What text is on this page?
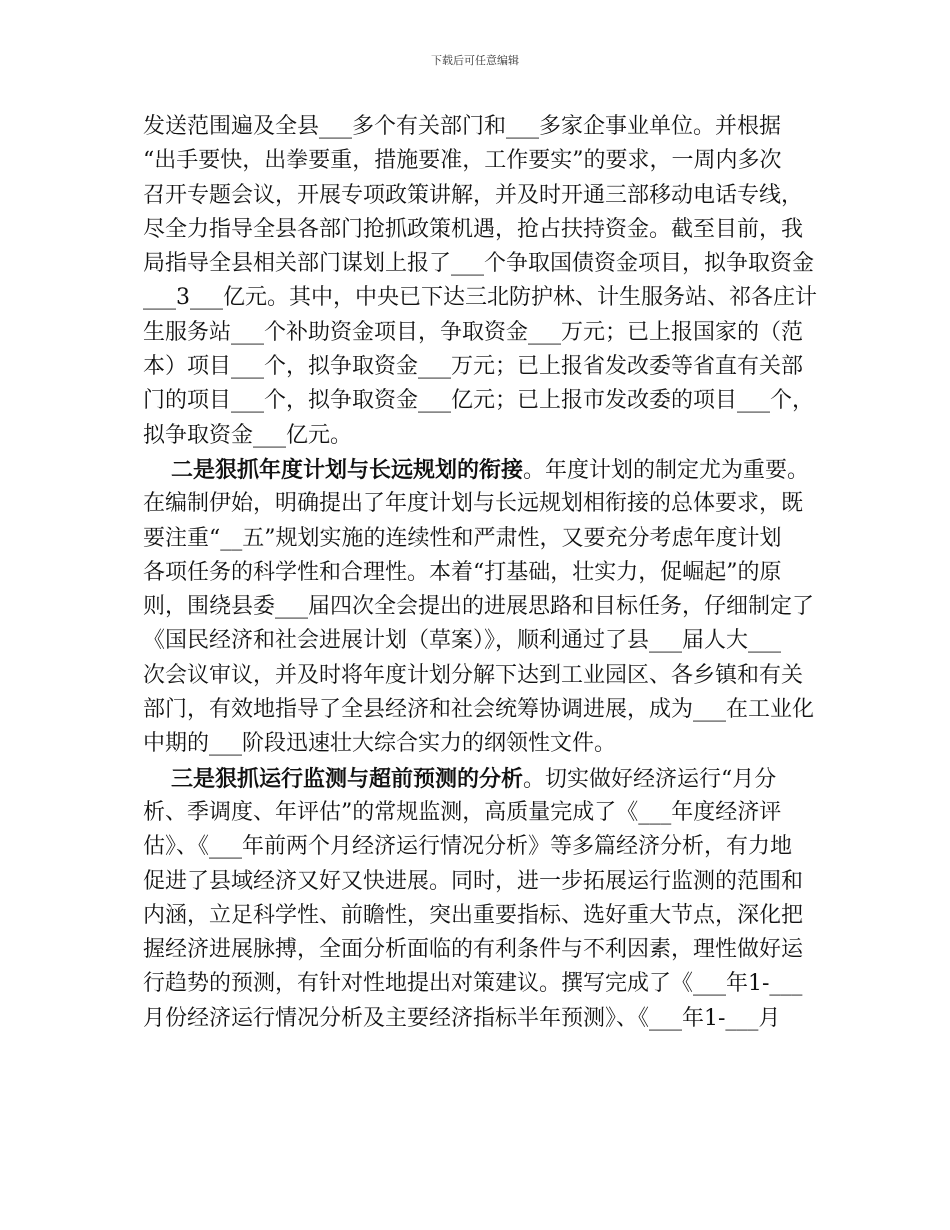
下载后可任意编辑
发送范围遍及全县___多个有关部门和___多家企事业单位。并根据
“出手要快，出拳要重，措施要准，工作要实”的要求，一周内多次
召开专题会议，开展专项政策讲解，并及时开通三部移动电话专线，
尽全力指导全县各部门抢抓政策机遇，抢占扶持资金。截至目前，我
局指导全县相关部门谋划上报了___个争取国债资金项目，拟争取资金
___3___亿元。其中，中央已下达三北防护林、计生服务站、祁各庄计
生服务站___个补助资金项目，争取资金___万元；已上报国家的（范
本）项目___个，拟争取资金___万元；已上报省发改委等省直有关部
门的项目___个，拟争取资金___亿元；已上报市发改委的项目___个，
拟争取资金___亿元。
二是狠抓年度计划与长远规划的衔接。年度计划的制定尤为重要。
在编制伊始，明确提出了年度计划与长远规划相衔接的总体要求，既
要注重“__五”规划实施的连续性和严肃性，又要充分考虑年度计划
各项任务的科学性和合理性。本着“打基础，壮实力，促崛起”的原
则，围绕县委___届四次全会提出的进展思路和目标任务，仔细制定了
《国民经济和社会进展计划（草案）》，顺利通过了县___届人大___
次会议审议，并及时将年度计划分解下达到工业园区、各乡镇和有关
部门，有效地指导了全县经济和社会统筹协调进展，成为___在工业化
中期的___阶段迅速壮大综合实力的纲领性文件。
三是狠抓运行监测与超前预测的分析。切实做好经济运行“月分
析、季调度、年评估”的常规监测，高质量完成了《___年度经济评
估》、《___年前两个月经济运行情况分析》等多篇经济分析，有力地
促进了县域经济又好又快进展。同时，进一步拓展运行监测的范围和
内涵，立足科学性、前瞻性，突出重要指标、选好重大节点，深化把
握经济进展脉搏，全面分析面临的有利条件与不利因素，理性做好运
行趋势的预测，有针对性地提出对策建议。撰写完成了《___年1-___
月份经济运行情况分析及主要经济指标半年预测》、《___年1-___月
